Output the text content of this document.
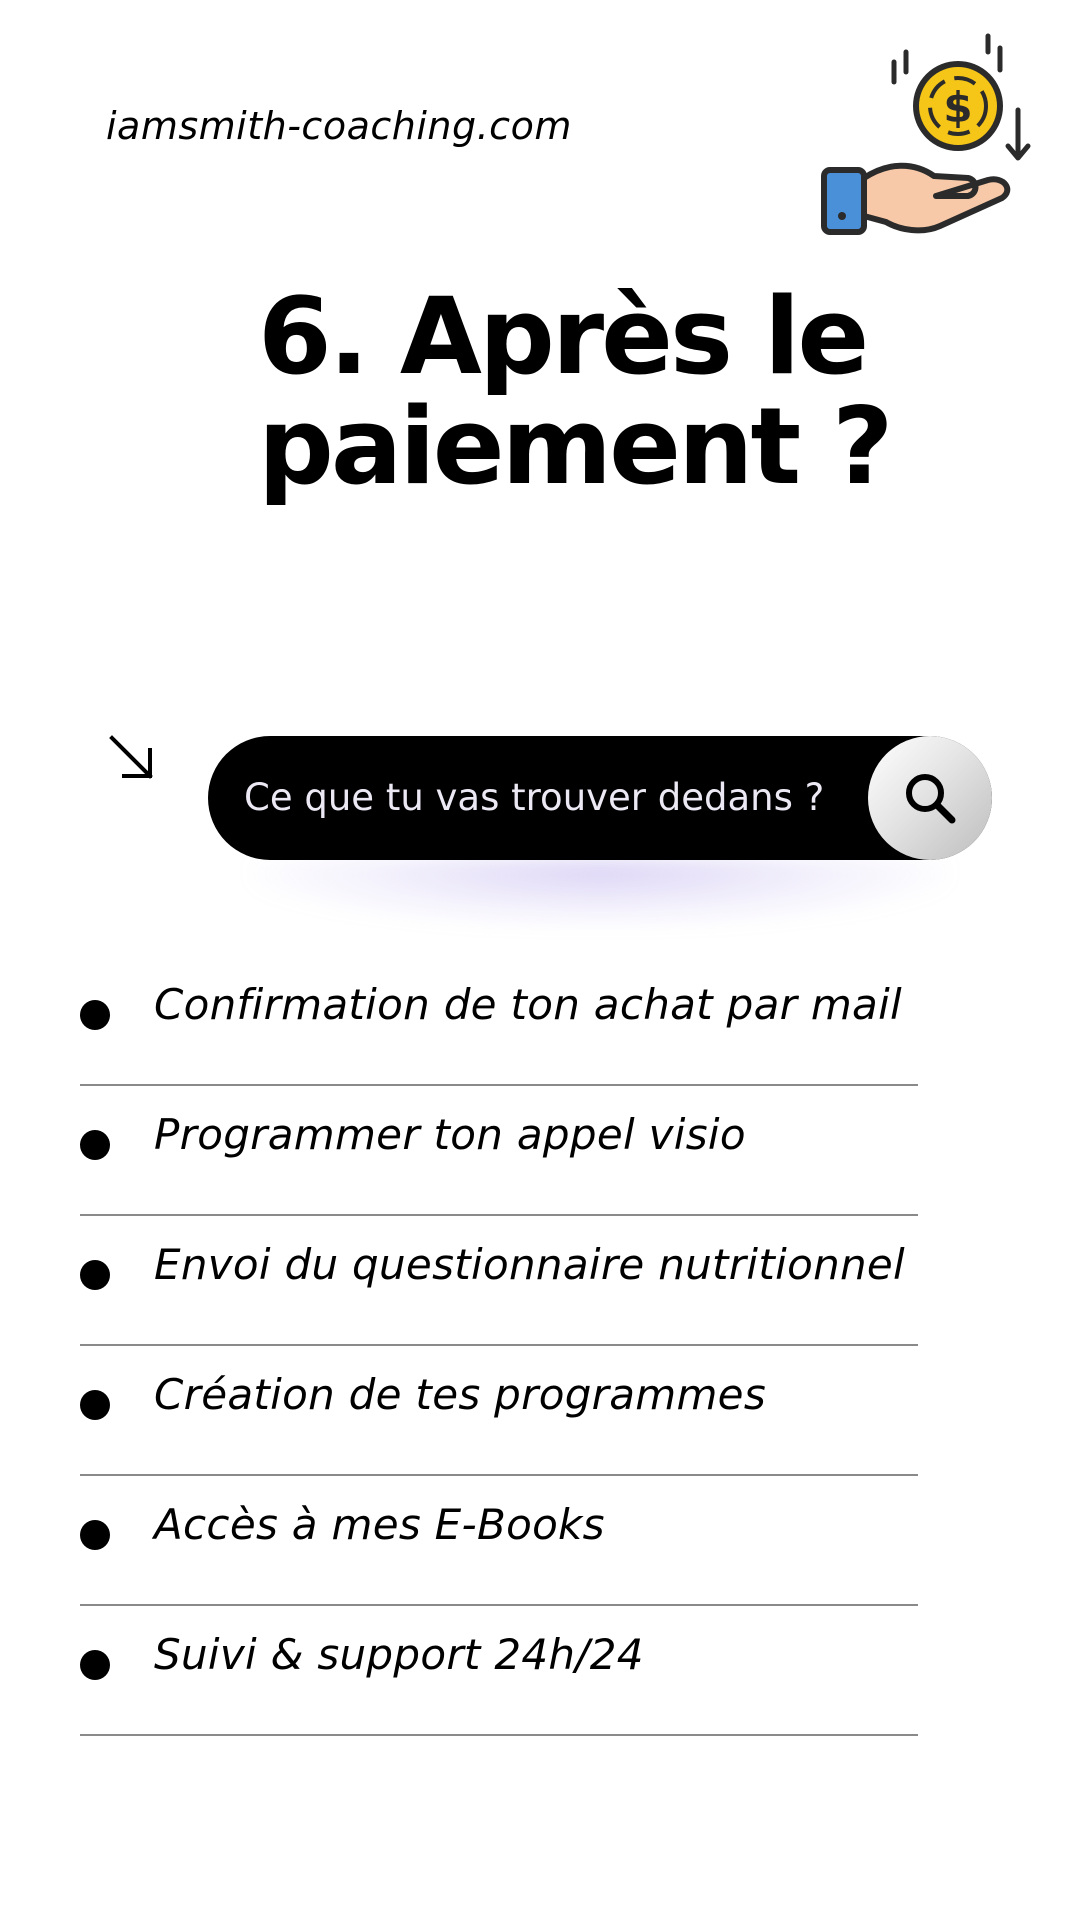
iamsmith-coaching.com	$
6. Après le
paiement ?
Ce que tu vas trouver dedans ?
Confirmation de ton achat par mail
Programmer ton appel visio
Envoi du questionnaire nutritionnel
Création de tes programmes
Accès à mes E-Books
Suivi & support 24h/24
